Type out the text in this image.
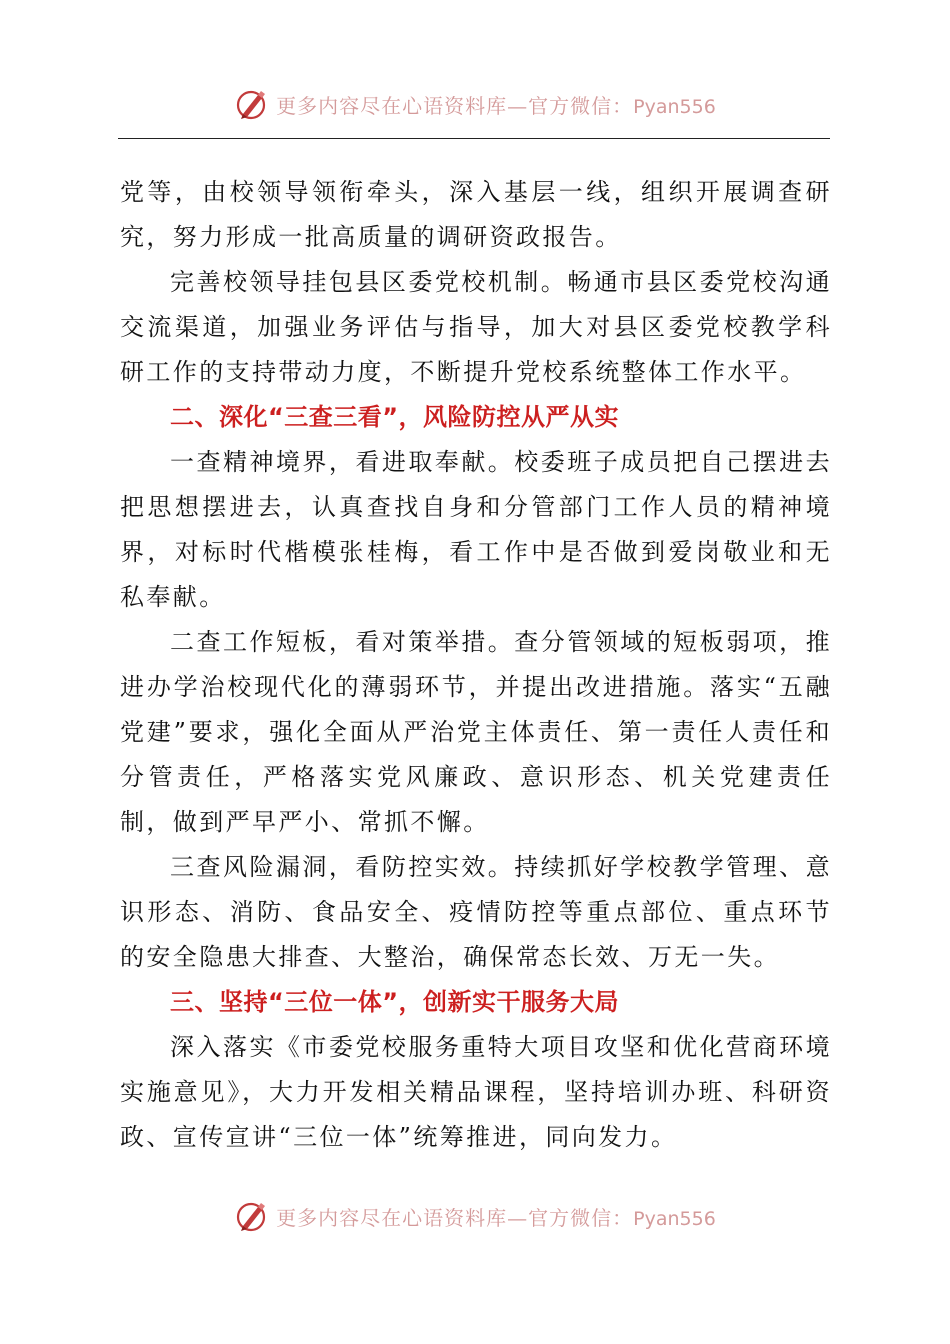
更多内容尽在心语资料库—官方微信：Pyan556

党等，由校领导领衔牵头，深入基层一线，组织开展调查研究，努力形成一批高质量的调研资政报告。

完善校领导挂包县区委党校机制。畅通市县区委党校沟通交流渠道，加强业务评估与指导，加大对县区委党校教学科研工作的支持带动力度，不断提升党校系统整体工作水平。

二、深化“三查三看”，风险防控从严从实

一查精神境界，看进取奉献。校委班子成员把自己摆进去把思想摆进去，认真查找自身和分管部门工作人员的精神境界，对标时代楷模张桂梅，看工作中是否做到爱岗敬业和无私奉献。

二查工作短板，看对策举措。查分管领域的短板弱项，推进办学治校现代化的薄弱环节，并提出改进措施。落实“五融党建”要求，强化全面从严治党主体责任、第一责任人责任和分管责任，严格落实党风廉政、意识形态、机关党建责任制，做到严早严小、常抓不懈。

三查风险漏洞，看防控实效。持续抓好学校教学管理、意识形态、消防、食品安全、疫情防控等重点部位、重点环节的安全隐患大排查、大整治，确保常态长效、万无一失。

三、坚持“三位一体”，创新实干服务大局

深入落实《市委党校服务重特大项目攻坚和优化营商环境实施意见》，大力开发相关精品课程，坚持培训办班、科研资政、宣传宣讲“三位一体”统筹推进，同向发力。

更多内容尽在心语资料库—官方微信：Pyan556
